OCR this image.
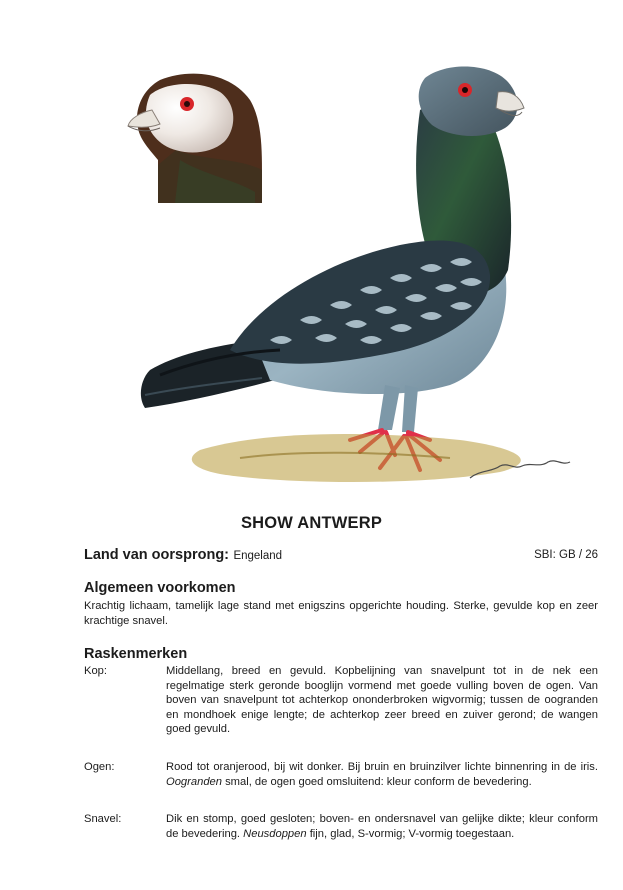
SHOW ANTWERP
Land van oorsprong: Engeland	SBI: GB / 26
Algemeen voorkomen
Krachtig lichaam, tamelijk lage stand met enigszins opgerichte houding. Sterke, gevulde kop en zeer krachtige snavel.
Raskenmerken
Kop:	Middellang, breed en gevuld. Kopbelijning van snavelpunt tot in de nek een regelmatige sterk geronde booglijn vormend met goede vulling boven de ogen. Van boven van snavelpunt tot achterkop ononderbroken wigvormig; tussen de oogranden en mondhoek enige lengte; de achterkop zeer breed en zuiver gerond; de wangen goed gevuld.
Ogen:	Rood tot oranjerood, bij wit donker. Bij bruin en bruinzilver lichte binnenring in de iris. Oogranden smal, de ogen goed omsluitend: kleur conform de bevedering.
Snavel:	Dik en stomp, goed gesloten; boven- en ondersnavel van gelijke dikte; kleur conform de bevedering. Neusdoppen fijn, glad, S-vormig; V-vormig toegestaan.
